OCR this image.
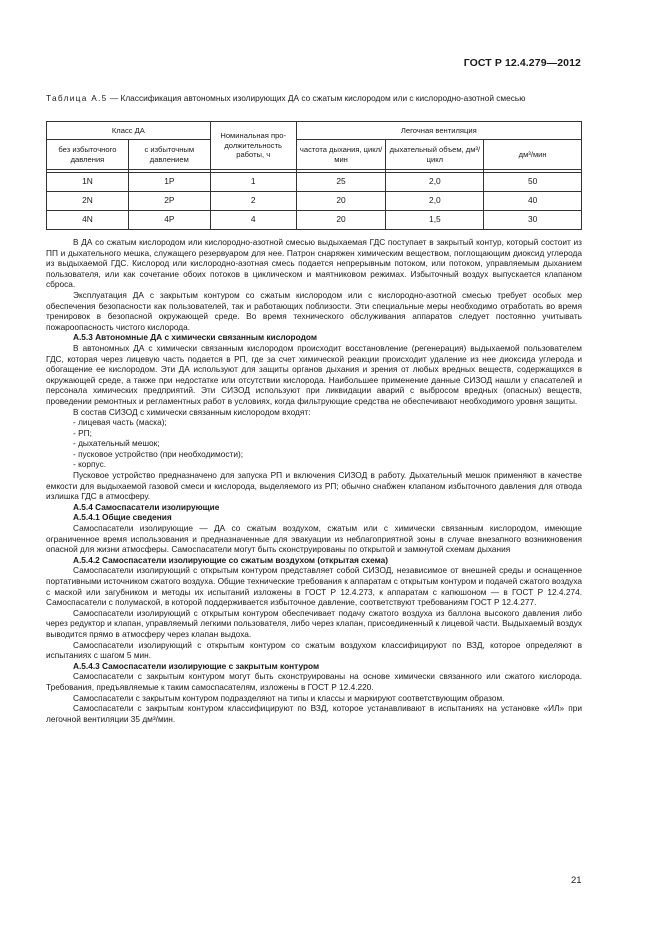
ГОСТ Р 12.4.279—2012
Таблица А.5 — Классификация автономных изолирующих ДА со сжатым кислородом или с кислородно-азотной смесью
Класс ДА		Номинальная продолжительность работы, ч	Легочная вентиляция		
без избыточного давления	с избыточным давлением		частота дыхания, цикл/мин	дыхательный объем, дм³/цикл	дм³/мин

1N	1P	1	25	2,0	50
2N	2P	2	20	2,0	40
4N	4P	4	20	1,5	30

В ДА со сжатым кислородом или кислородно-азотной смесью выдыхаемая ГДС поступает в закрытый контур, который состоит из ПП и дыхательного мешка, служащего резервуаром для нее. Патрон снаряжен химическим веществом, поглощающим диоксид углерода из выдыхаемой ГДС. Кислород или кислородно-азотная смесь подается непрерывным потоком, или потоком, управляемым дыханием пользователя, или как сочетание обоих потоков в циклическом и маятниковом режимах. Избыточный воздух выпускается клапаном сброса.

Эксплуатация ДА с закрытым контуром со сжатым кислородом или с кислородно-азотной смесью требует особых мер обеспечения безопасности как пользователей, так и работающих поблизости. Эти специальные меры необходимо отработать во время тренировок в безопасной окружающей среде. Во время технического обслуживания аппаратов следует постоянно учитывать пожароопасность чистого кислорода.

А.5.3 Автономные ДА с химически связанным кислородом

В автономных ДА с химически связанным кислородом происходит восстановление (регенерация) выдыхаемой пользователем ГДС, которая через лицевую часть подается в РП, где за счет химической реакции происходит удаление из нее диоксида углерода и обогащение ее кислородом. Эти ДА используют для защиты органов дыхания и зрения от любых вредных веществ, содержащихся в окружающей среде, а также при недостатке или отсутствии кислорода. Наибольшее применение данные СИЗОД нашли у спасателей и персонала химических предприятий. Эти СИЗОД используют при ликвидации аварий с выбросом вредных (опасных) веществ, проведении ремонтных и регламентных работ в условиях, когда фильтрующие средства не обеспечивают необходимого уровня защиты.

В состав СИЗОД с химически связанным кислородом входят:

- лицевая часть (маска);

- РП;

- дыхательный мешок;

- пусковое устройство (при необходимости);

- корпус.

Пусковое устройство предназначено для запуска РП и включения СИЗОД в работу. Дыхательный мешок применяют в качестве емкости для выдыхаемой газовой смеси и кислорода, выделяемого из РП; обычно снабжен клапаном избыточного давления для отвода излишка ГДС в атмосферу.

А.5.4 Самоспасатели изолирующие

А.5.4.1 Общие сведения

Самоспасатели изолирующие — ДА со сжатым воздухом, сжатым или с химически связанным кислородом, имеющие ограниченное время использования и предназначенные для эвакуации из неблагоприятной зоны в случае внезапного возникновения опасной для жизни атмосферы. Самоспасатели могут быть сконструированы по открытой и замкнутой схемам дыхания

А.5.4.2 Самоспасатели изолирующие со сжатым воздухом (открытая схема)

Самоспасатели изолирующий с открытым контуром представляет собой СИЗОД, независимое от внешней среды и оснащенное портативными источником сжатого воздуха. Общие технические требования к аппаратам с открытым контуром и подачей сжатого воздуха с маской или загубником и методы их испытаний изложены в ГОСТ Р 12.4.273, к аппаратам с капюшоном — в ГОСТ Р 12.4.274. Самоспасатели с полумаской, в которой поддерживается избыточное давление, соответствуют требованиям ГОСТ Р 12.4.277.

Самоспасатели изолирующий с открытым контуром обеспечивает подачу сжатого воздуха из баллона высокого давления либо через редуктор и клапан, управляемый легкими пользователя, либо через клапан, присоединенный к лицевой части. Выдыхаемый воздух выводится прямо в атмосферу через клапан выдоха.

Самоспасатели изолирующий с открытым контуром со сжатым воздухом классифицируют по ВЗД, которое определяют в испытаниях с шагом 5 мин.

А.5.4.3 Самоспасатели изолирующие с закрытым контуром

Самоспасатели с закрытым контуром могут быть сконструированы на основе химически связанного или сжатого кислорода. Требования, предъявляемые к таким самоспасателям, изложены в ГОСТ Р 12.4.220.

Самоспасатели с закрытым контуром подразделяют на типы и классы и маркируют соответствующим образом.

Самоспасатели с закрытым контуром классифицируют по ВЗД, которое устанавливают в испытаниях на установке «ИЛ» при легочной вентиляции 35 дм³/мин.

21
